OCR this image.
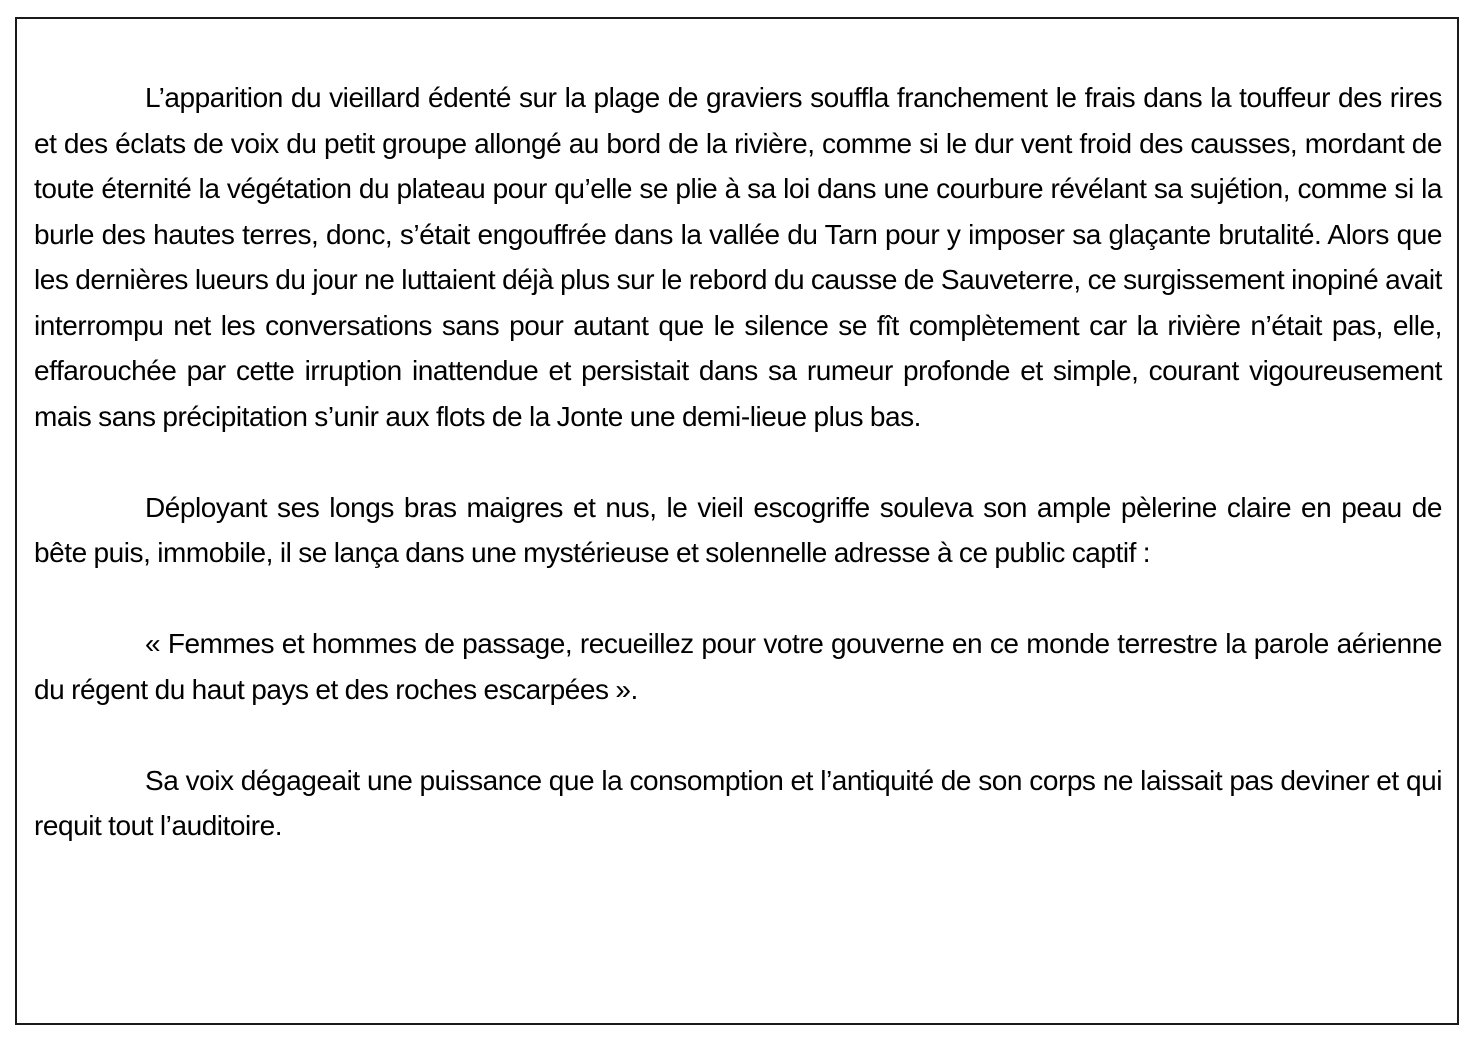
L’apparition du vieillard édenté sur la plage de graviers souffla franchement le frais dans la touffeur des rires et des éclats de voix du petit groupe allongé au bord de la rivière, comme si le dur vent froid des causses, mordant de toute éternité la végétation du plateau pour qu’elle se plie à sa loi dans une courbure révélant sa sujétion, comme si la burle des hautes terres, donc, s’était engouffrée dans la vallée du Tarn pour y imposer sa glaçante brutalité. Alors que les dernières lueurs du jour ne luttaient déjà plus sur le rebord du causse de Sauveterre, ce surgissement inopiné avait interrompu net les conversations sans pour autant que le silence se fît complètement car la rivière n’était pas, elle, effarouchée par cette irruption inattendue et persistait dans sa rumeur profonde et simple, courant vigoureusement mais sans précipitation s’unir aux flots de la Jonte une demi-lieue plus bas.

Déployant ses longs bras maigres et nus, le vieil escogriffe souleva son ample pèlerine claire en peau de bête puis, immobile, il se lança dans une mystérieuse et solennelle adresse à ce public captif :

« Femmes et hommes de passage, recueillez pour votre gouverne en ce monde terrestre la parole aérienne du régent du haut pays et des roches escarpées ».

Sa voix dégageait une puissance que la consomption et l’antiquité de son corps ne laissait pas deviner et qui requit tout l’auditoire.
